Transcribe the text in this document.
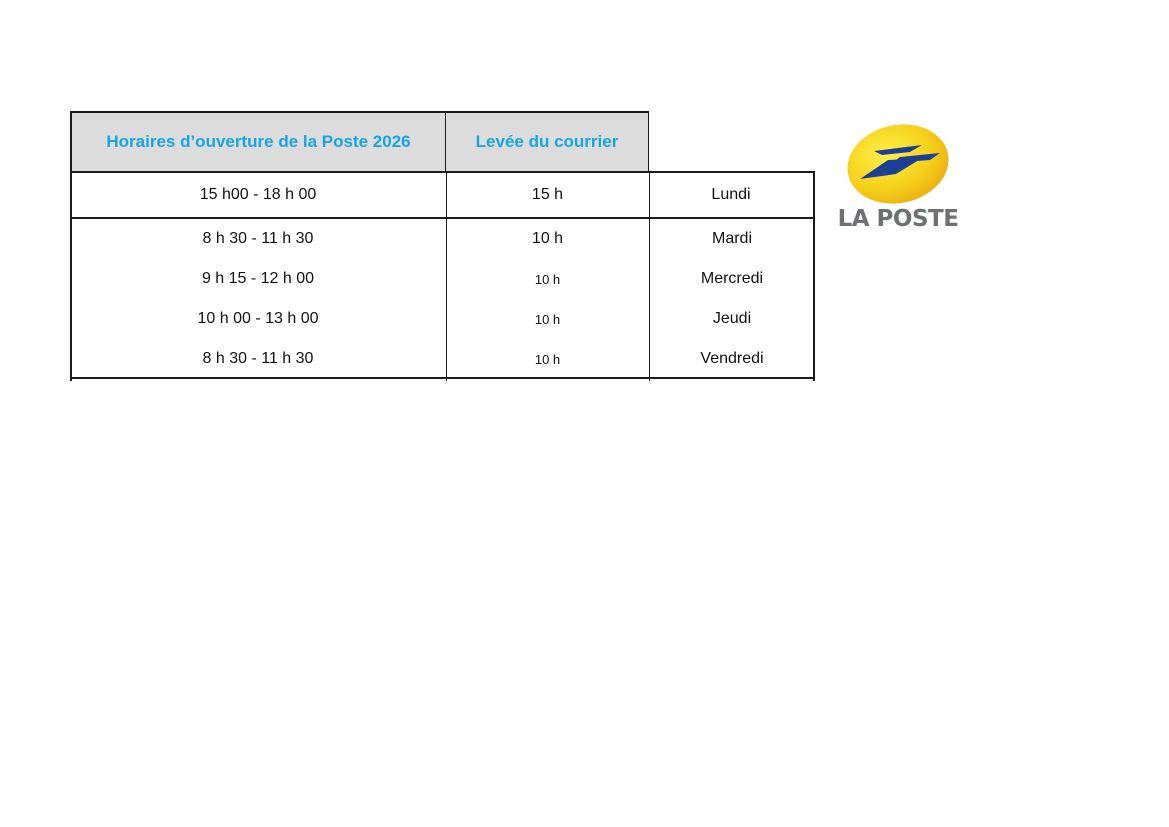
Horaires d’ouverture de la Poste 2026	Levée du courrier
15 h00 - 18 h 00	15 h	Lundi
8 h 30 - 11 h 30	10 h	Mardi
9 h 15 - 12 h 00	10 h	Mercredi
10 h 00 - 13 h 00	10 h	Jeudi
8 h 30 - 11 h 30	10 h	Vendredi
LA POSTE
